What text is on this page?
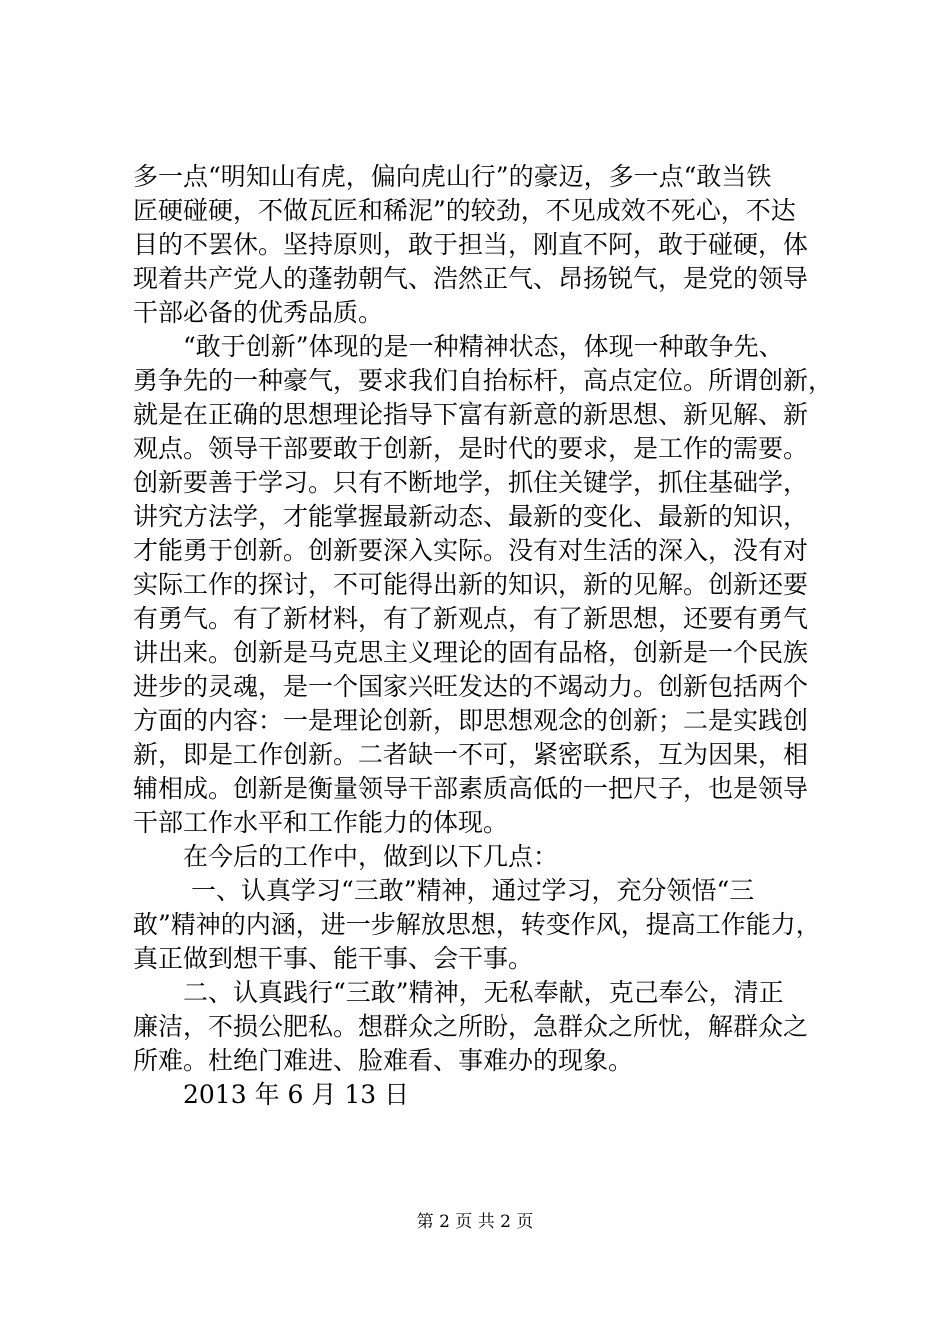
多一点“明知山有虎，偏向虎山行”的豪迈，多一点“敢当铁
匠硬碰硬，不做瓦匠和稀泥”的较劲，不见成效不死心，不达
目的不罢休。坚持原则，敢于担当，刚直不阿，敢于碰硬，体
现着共产党人的蓬勃朝气、浩然正气、昂扬锐气，是党的领导
干部必备的优秀品质。
　　“敢于创新”体现的是一种精神状态，体现一种敢争先、
勇争先的一种豪气，要求我们自抬标杆，高点定位。所谓创新，
就是在正确的思想理论指导下富有新意的新思想、新见解、新
观点。领导干部要敢于创新，是时代的要求，是工作的需要。
创新要善于学习。只有不断地学，抓住关键学，抓住基础学，
讲究方法学，才能掌握最新动态、最新的变化、最新的知识，
才能勇于创新。创新要深入实际。没有对生活的深入，没有对
实际工作的探讨，不可能得出新的知识，新的见解。创新还要
有勇气。有了新材料，有了新观点，有了新思想，还要有勇气
讲出来。创新是马克思主义理论的固有品格，创新是一个民族
进步的灵魂，是一个国家兴旺发达的不竭动力。创新包括两个
方面的内容：一是理论创新，即思想观念的创新；二是实践创
新，即是工作创新。二者缺一不可，紧密联系，互为因果，相
辅相成。创新是衡量领导干部素质高低的一把尺子，也是领导
干部工作水平和工作能力的体现。
　　在今后的工作中，做到以下几点：
　　 一、认真学习“三敢”精神，通过学习，充分领悟“三
敢”精神的内涵，进一步解放思想，转变作风，提高工作能力，
真正做到想干事、能干事、会干事。
　　二、认真践行“三敢”精神，无私奉献，克己奉公，清正
廉洁，不损公肥私。想群众之所盼，急群众之所忧，解群众之
所难。杜绝门难进、脸难看、事难办的现象。
　　2013 年 6 月 13 日
第 2 页 共 2 页
